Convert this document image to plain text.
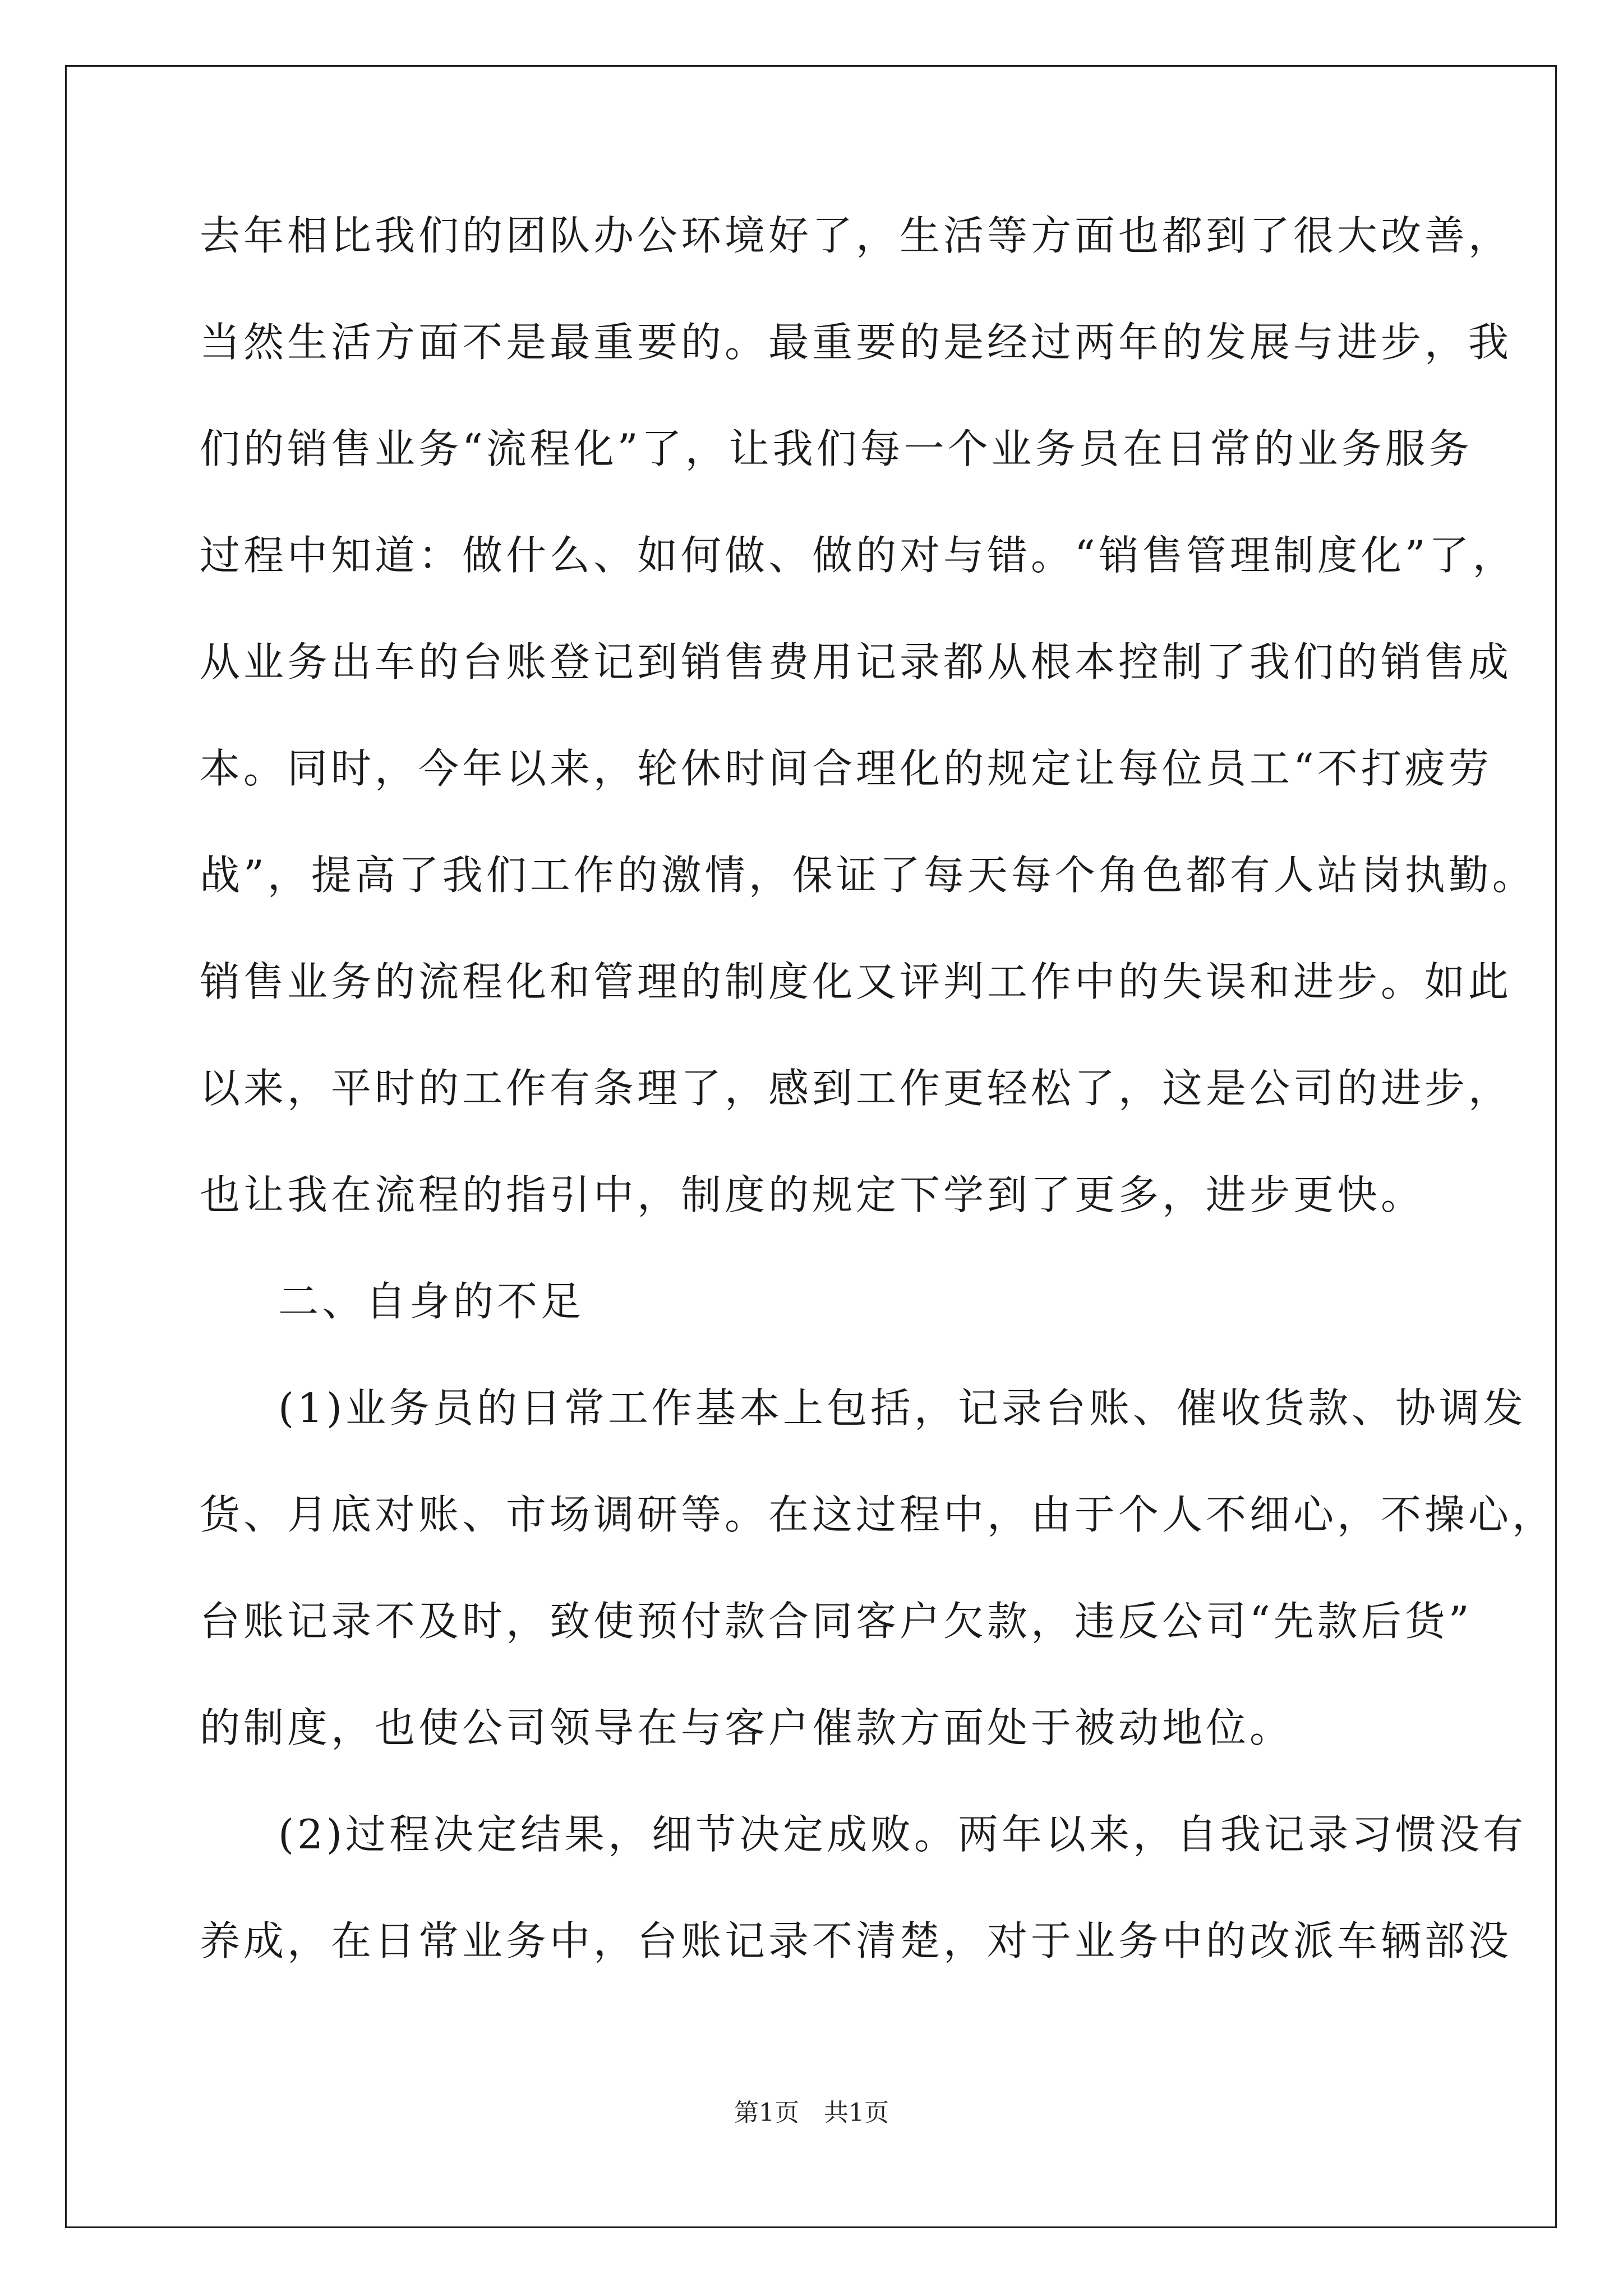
去年相比我们的团队办公环境好了，生活等方面也都到了很大改善，
当然生活方面不是最重要的。最重要的是经过两年的发展与进步，我
们的销售业务“流程化”了，让我们每一个业务员在日常的业务服务
过程中知道：做什么、如何做、做的对与错。“销售管理制度化”了，
从业务出车的台账登记到销售费用记录都从根本控制了我们的销售成
本。同时，今年以来，轮休时间合理化的规定让每位员工“不打疲劳
战”，提高了我们工作的激情，保证了每天每个角色都有人站岗执勤。
销售业务的流程化和管理的制度化又评判工作中的失误和进步。如此
以来，平时的工作有条理了，感到工作更轻松了，这是公司的进步，
也让我在流程的指引中，制度的规定下学到了更多，进步更快。
二、自身的不足
(1)业务员的日常工作基本上包括，记录台账、催收货款、协调发
货、月底对账、市场调研等。在这过程中，由于个人不细心，不操心，
台账记录不及时，致使预付款合同客户欠款，违反公司“先款后货”
的制度，也使公司领导在与客户催款方面处于被动地位。
(2)过程决定结果，细节决定成败。两年以来，自我记录习惯没有
养成，在日常业务中，台账记录不清楚，对于业务中的改派车辆部没
第1页　共1页
